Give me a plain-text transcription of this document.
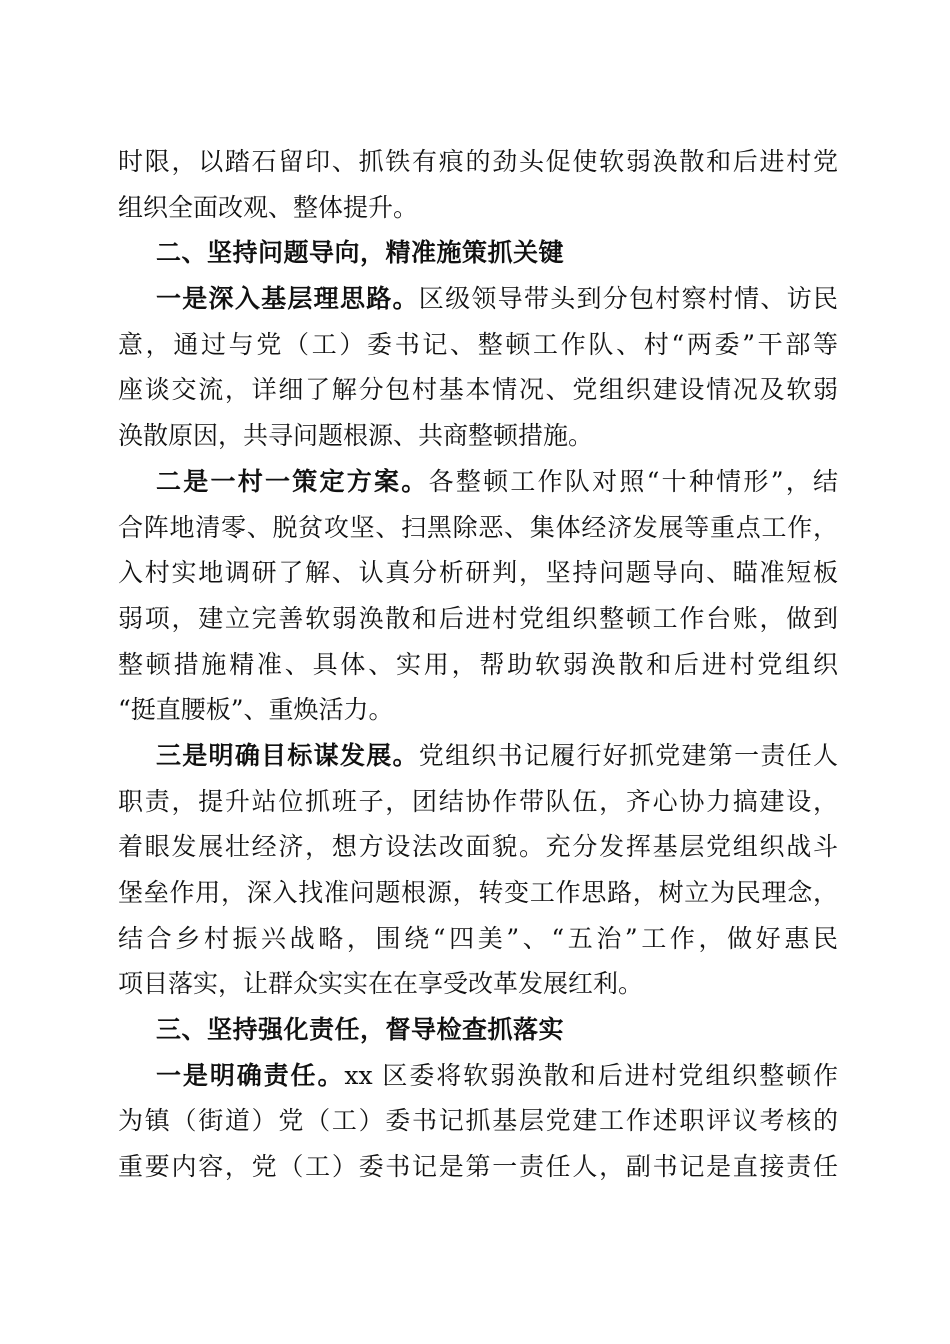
时限，以踏石留印、抓铁有痕的劲头促使软弱涣散和后进村党
组织全面改观、整体提升。
二、坚持问题导向，精准施策抓关键
一是深入基层理思路。区级领导带头到分包村察村情、访民
意，通过与党（工）委书记、整顿工作队、村“两委”干部等
座谈交流，详细了解分包村基本情况、党组织建设情况及软弱
涣散原因，共寻问题根源、共商整顿措施。
二是一村一策定方案。各整顿工作队对照“十种情形”，结
合阵地清零、脱贫攻坚、扫黑除恶、集体经济发展等重点工作，
入村实地调研了解、认真分析研判，坚持问题导向、瞄准短板
弱项，建立完善软弱涣散和后进村党组织整顿工作台账，做到
整顿措施精准、具体、实用，帮助软弱涣散和后进村党组织
“挺直腰板”、重焕活力。
三是明确目标谋发展。党组织书记履行好抓党建第一责任人
职责，提升站位抓班子，团结协作带队伍，齐心协力搞建设，
着眼发展壮经济，想方设法改面貌。充分发挥基层党组织战斗
堡垒作用，深入找准问题根源，转变工作思路，树立为民理念，
结合乡村振兴战略，围绕“四美”、“五治”工作，做好惠民
项目落实，让群众实实在在享受改革发展红利。
三、坚持强化责任，督导检查抓落实
一是明确责任。xx 区委将软弱涣散和后进村党组织整顿作
为镇（街道）党（工）委书记抓基层党建工作述职评议考核的
重要内容，党（工）委书记是第一责任人，副书记是直接责任
